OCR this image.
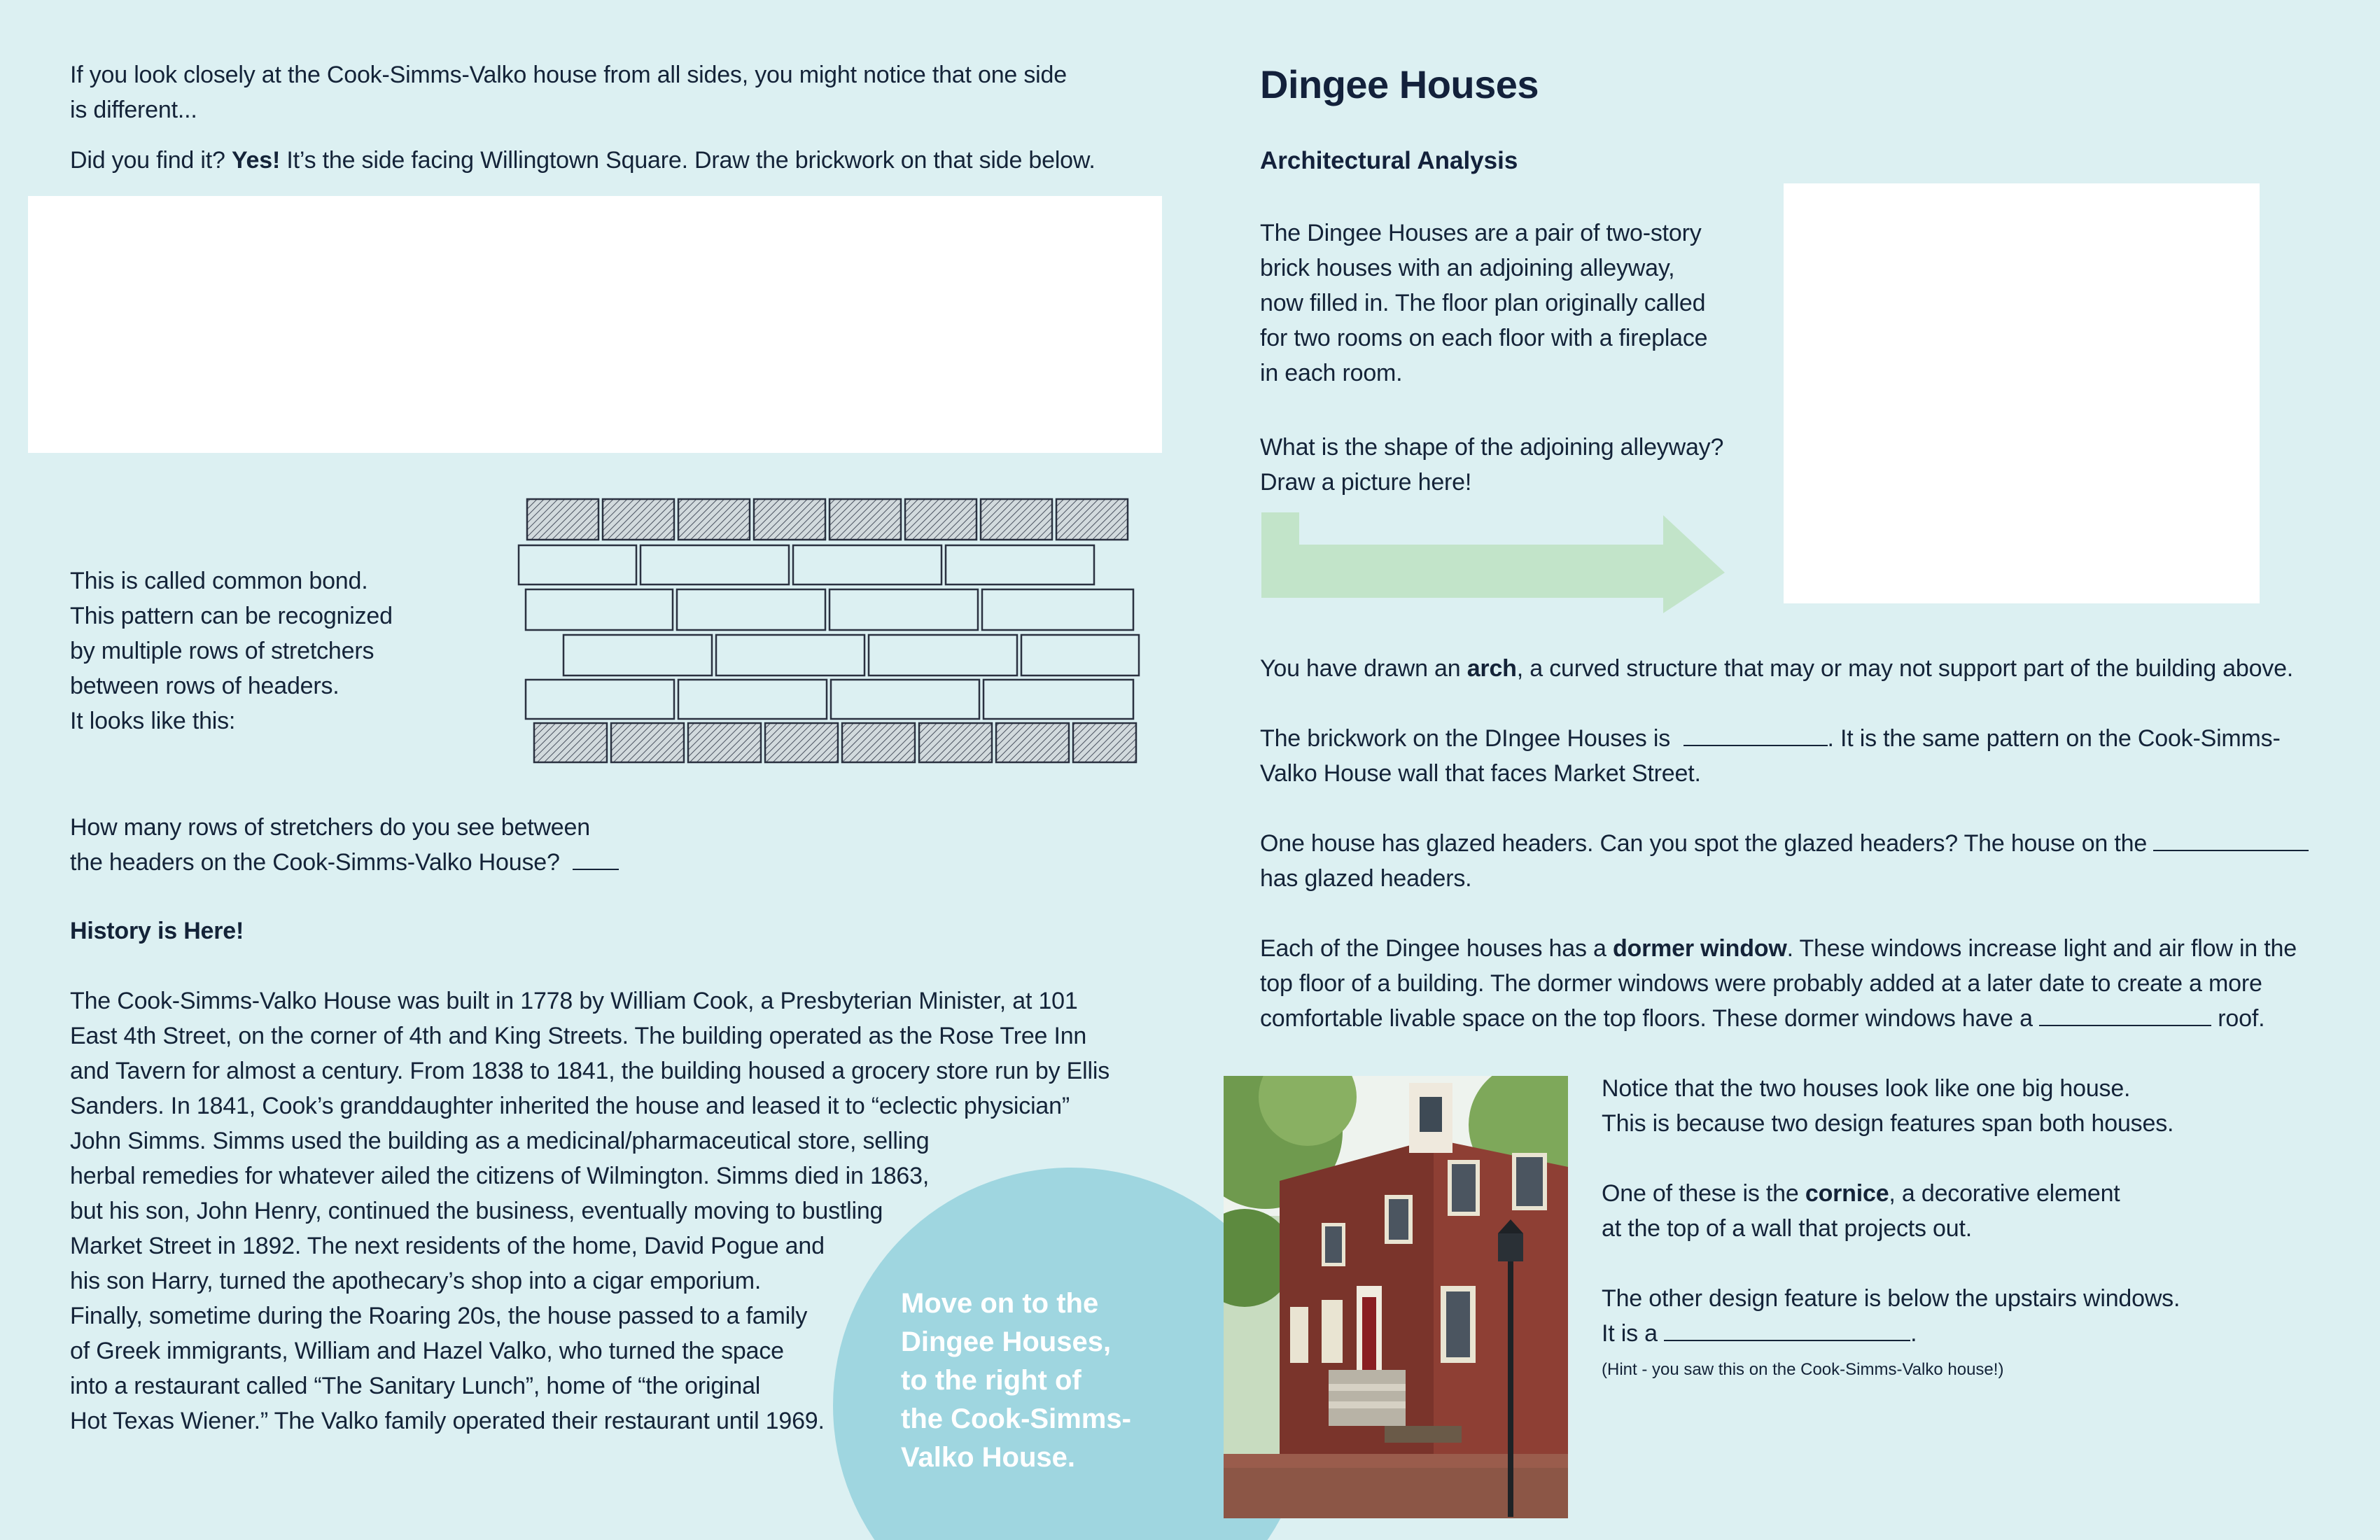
If you look closely at the Cook-Simms-Valko house from all sides, you might notice that one side

is different...

Did you find it? Yes! It’s the side facing Willingtown Square. Draw the brickwork on that side below.

This is called common bond.

This pattern can be recognized

by multiple rows of stretchers

between rows of headers.

It looks like this:

How many rows of stretchers do you see between

the headers on the Cook-Simms-Valko House?

History is Here!

The Cook-Simms-Valko House was built in 1778 by William Cook, a Presbyterian Minister, at 101

East 4th Street, on the corner of 4th and King Streets. The building operated as the Rose Tree Inn

and Tavern for almost a century. From 1838 to 1841, the building housed a grocery store run by Ellis

Sanders. In 1841, Cook’s granddaughter inherited the house and leased it to “eclectic physician”

John Simms. Simms used the building as a medicinal/pharmaceutical store, selling

herbal remedies for whatever ailed the citizens of Wilmington. Simms died in 1863,

but his son, John Henry, continued the business, eventually moving to bustling

Market Street in 1892. The next residents of the home, David Pogue and

his son Harry, turned the apothecary’s shop into a cigar emporium.

Finally, sometime during the Roaring 20s, the house passed to a family

of Greek immigrants, William and Hazel Valko, who turned the space

into a restaurant called “The Sanitary Lunch”, home of “the original

Hot Texas Wiener.” The Valko family operated their restaurant until 1969.

Move on to the
Dingee Houses,
to the right of
the Cook-Simms-
Valko House.
Dingee Houses
Architectural Analysis

The Dingee Houses are a pair of two-story

brick houses with an adjoining alleyway,

now filled in. The floor plan originally called

for two rooms on each floor with a fireplace

in each room.

What is the shape of the adjoining alleyway?

Draw a picture here!

You have drawn an arch, a curved structure that may or may not support part of the building above.

The brickwork on the DIngee Houses is	. It is the same pattern on the Cook-Simms-

Valko House wall that faces Market Street.

One house has glazed headers. Can you spot the glazed headers? The house on the

has glazed headers.

Each of the Dingee houses has a dormer window. These windows increase light and air flow in the

top floor of a building. The dormer windows were probably added at a later date to create a more

comfortable livable space on the top floors. These dormer windows have a	roof.

Notice that the two houses look like one big house.

This is because two design features span both houses.

One of these is the cornice, a decorative element

at the top of a wall that projects out.

The other design feature is below the upstairs windows.

It is a	.

(Hint - you saw this on the Cook-Simms-Valko house!)
